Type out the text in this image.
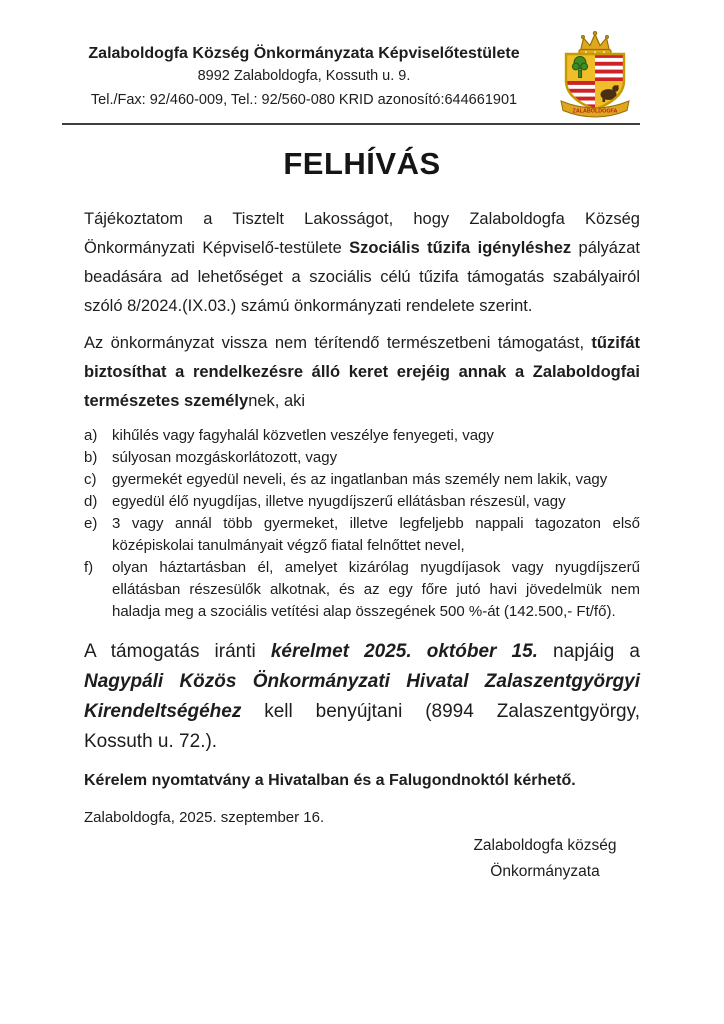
Zalaboldogfa Község Önkormányzata Képviselőtestülete
8992 Zalaboldogfa, Kossuth u. 9.
Tel./Fax: 92/460-009, Tel.: 92/560-080 KRID azonosító:644661901
ZALABOLDOGFA
FELHÍVÁS

Tájékoztatom a Tisztelt Lakosságot, hogy Zalaboldogfa Község Önkormányzati Képviselő-testülete Szociális tűzifa igényléshez pályázat beadására ad lehetőséget a szociális célú tűzifa támogatás szabályairól szóló 8/2024.(IX.03.) számú önkormányzati rendelete szerint.

Az önkormányzat vissza nem térítendő természetbeni támogatást, tűzifát biztosíthat a rendelkezésre álló keret erejéig annak a Zalaboldogfai természetes személynek, aki

a) kihűlés vagy fagyhalál közvetlen veszélye fenyegeti, vagy
b) súlyosan mozgáskorlátozott, vagy
c)	gyermekét egyedül neveli, és az ingatlanban más személy nem lakik, vagy
d) egyedül élő nyugdíjas, illetve nyugdíjszerű ellátásban részesül, vagy
e) 3 vagy annál több gyermeket, illetve legfeljebb nappali tagozaton első középiskolai tanulmányait végző fiatal felnőttet nevel,
f)	olyan háztartásban él, amelyet kizárólag nyugdíjasok vagy nyugdíjszerű ellátásban részesülők alkotnak, és az egy főre jutó havi jövedelmük nem haladja meg a szociális vetítési alap összegének 500 %-át (142.500,- Ft/fő).

A támogatás iránti kérelmet 2025. október 15. napjáig a Nagypáli Közös Önkormányzati Hivatal Zalaszentgyörgyi Kirendeltségéhez kell benyújtani (8994 Zalaszentgyörgy, Kossuth u. 72.).

Kérelem nyomtatvány a Hivatalban és a Falugondnoktól kérhető.

Zalaboldogfa, 2025. szeptember 16.

Zalaboldogfa község
Önkormányzata
